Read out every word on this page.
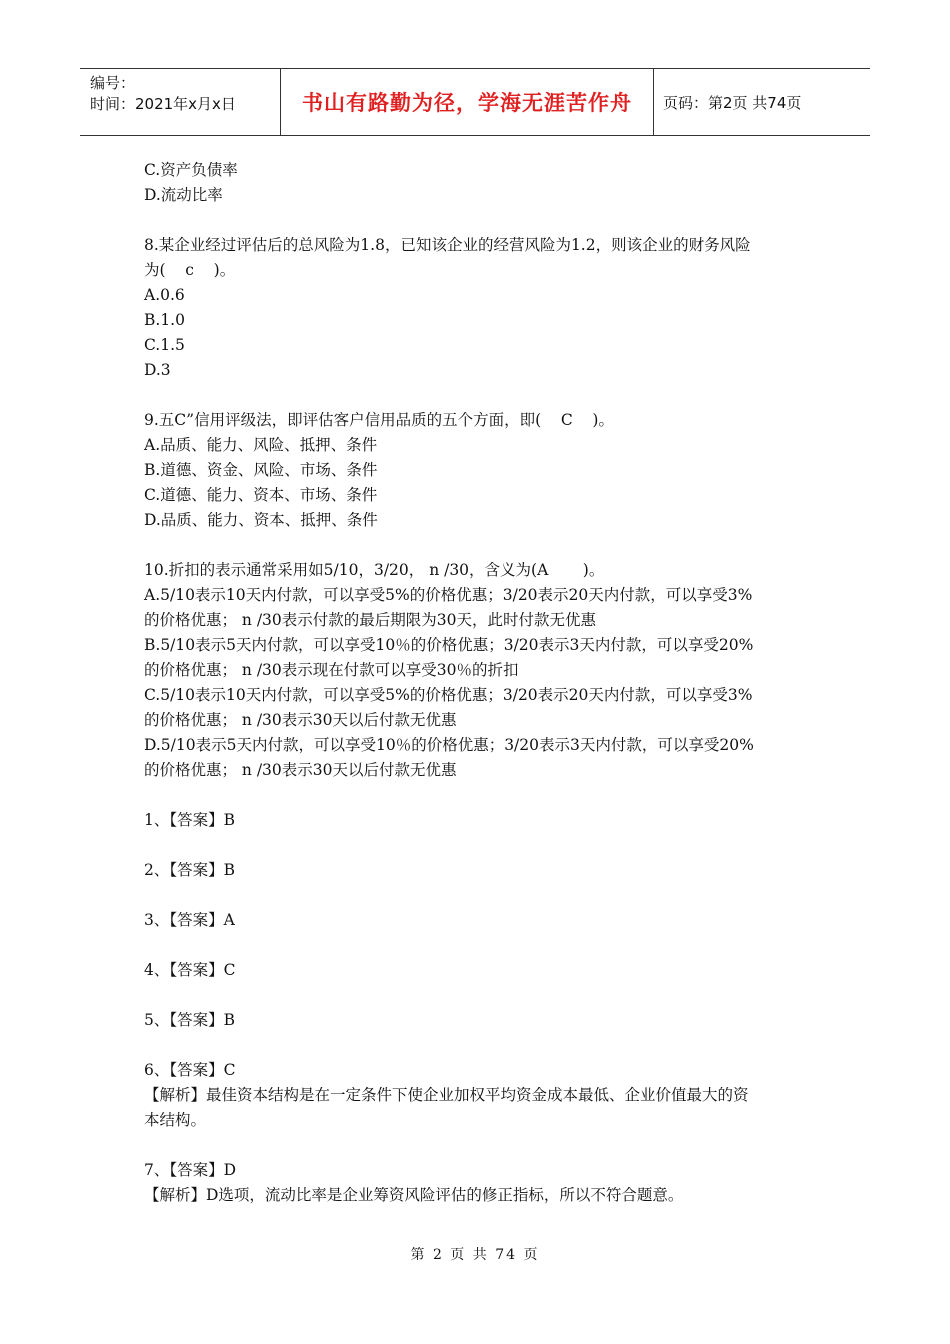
编号：
时间：2021年x月x日	书山有路勤为径，学海无涯苦作舟	页码：第2页 共74页

C.资产负债率

D.流动比率

8.某企业经过评估后的总风险为1.8，已知该企业的经营风险为1.2，则该企业的财务风险

为(    c    )。

A.0.6

B.1.0

C.1.5

D.3

9.五C”信用评级法，即评估客户信用品质的五个方面，即(    C    )。

A.品质、能力、风险、抵押、条件

B.道德、资金、风险、市场、条件

C.道德、能力、资本、市场、条件

D.品质、能力、资本、抵押、条件

10.折扣的表示通常采用如5/10，3/20， n /30，含义为(A       )。

A.5/10表示10天内付款，可以享受5%的价格优惠；3/20表示20天内付款，可以享受3%

的价格优惠； n /30表示付款的最后期限为30天，此时付款无优惠

B.5/10表示5天内付款，可以享受10％的价格优惠；3/20表示3天内付款，可以享受20%

的价格优惠； n /30表示现在付款可以享受30％的折扣

C.5/10表示10天内付款，可以享受5%的价格优惠；3/20表示20天内付款，可以享受3%

的价格优惠； n /30表示30天以后付款无优惠

D.5/10表示5天内付款，可以享受10％的价格优惠；3/20表示3天内付款，可以享受20%

的价格优惠； n /30表示30天以后付款无优惠

1、【答案】B

2、【答案】B

3、【答案】A

4、【答案】C

5、【答案】B

6、【答案】C

【解析】最佳资本结构是在一定条件下使企业加权平均资金成本最低、企业价值最大的资

本结构。

7、【答案】D

【解析】D选项，流动比率是企业筹资风险评估的修正指标，所以不符合题意。

第 2 页 共 74 页
